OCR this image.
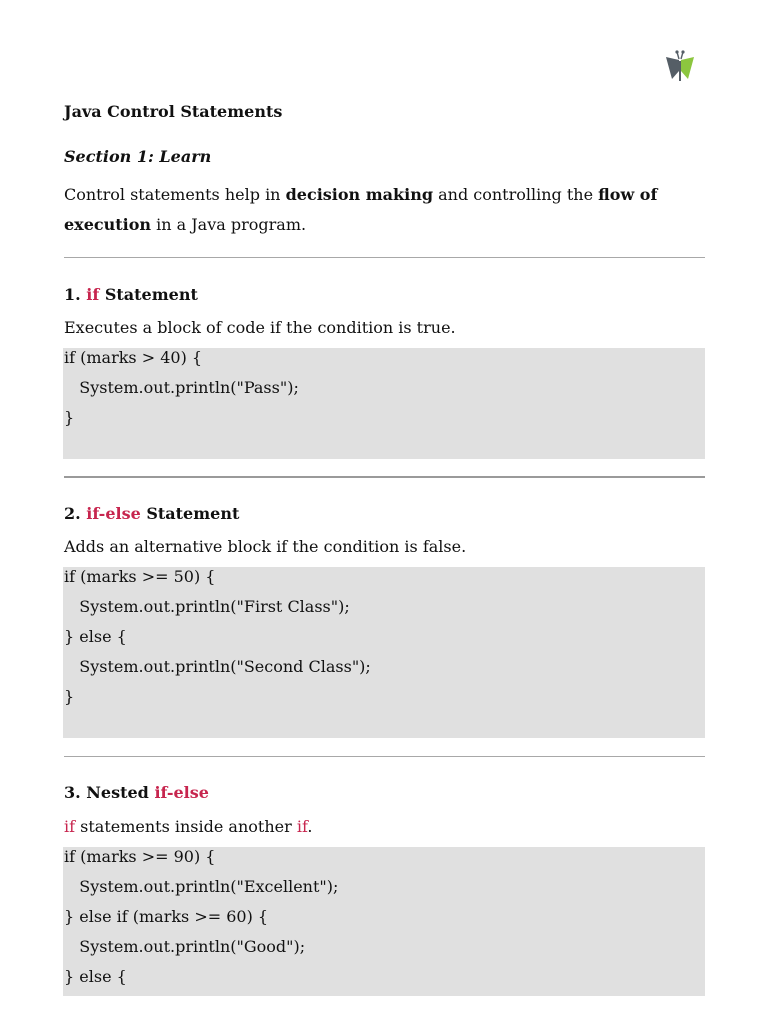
Java Control Statements

Section 1: Learn

Control statements help in decision making and controlling the flow of
execution in a Java program.

1. if Statement

Executes a block of code if the condition is true.

if (marks > 40) {
System.out.println("Pass");
}

2. if-else Statement

Adds an alternative block if the condition is false.

if (marks >= 50) {
System.out.println("First Class");
} else {
System.out.println("Second Class");
}

3. Nested if-else

if statements inside another if.

if (marks >= 90) {
System.out.println("Excellent");
} else if (marks >= 60) {
System.out.println("Good");
} else {
